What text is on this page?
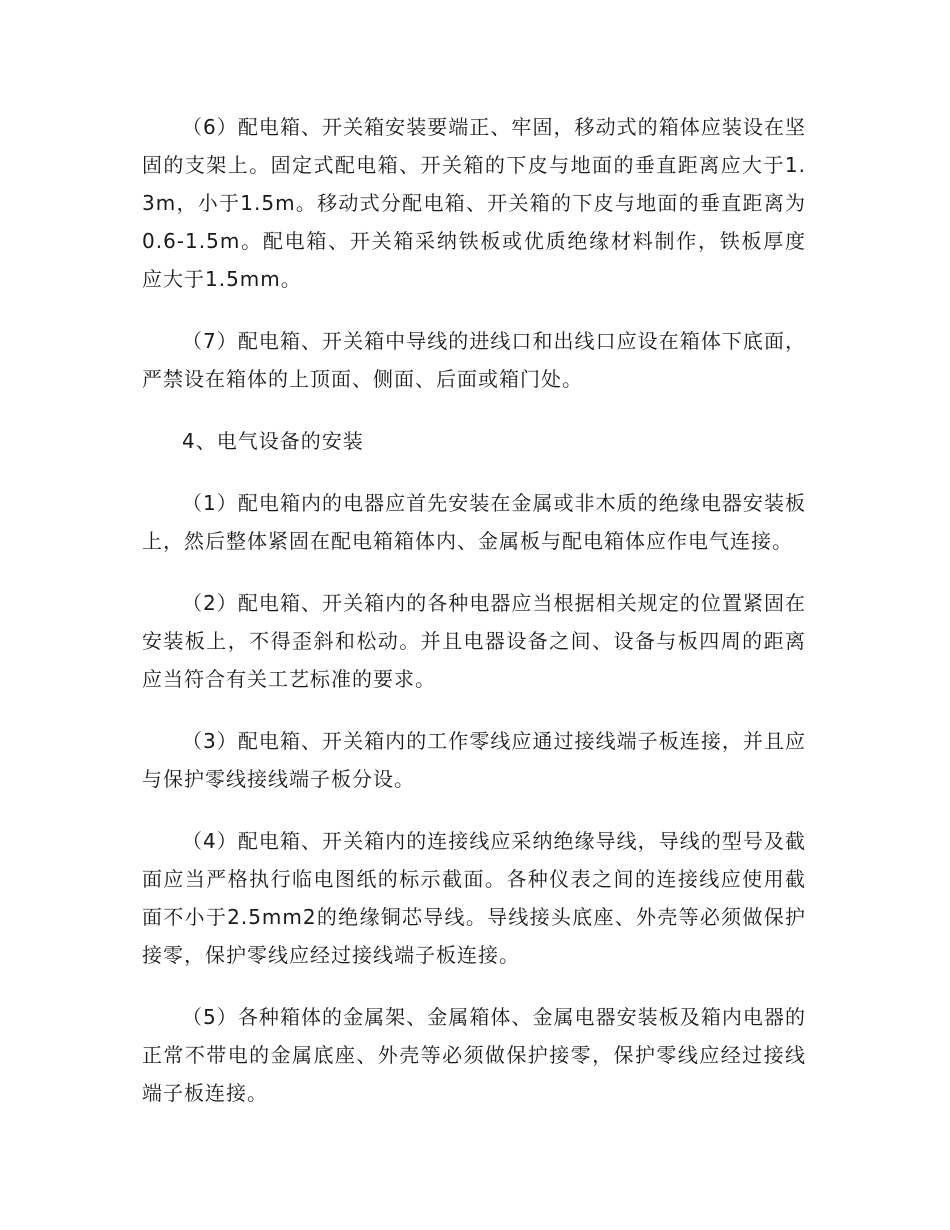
（6）配电箱、开关箱安装要端正、牢固，移动式的箱体应装设在坚固的支架上。固定式配电箱、开关箱的下皮与地面的垂直距离应大于1.3m，小于1.5m。移动式分配电箱、开关箱的下皮与地面的垂直距离为0.6-1.5m。配电箱、开关箱采纳铁板或优质绝缘材料制作，铁板厚度应大于1.5mm。

（7）配电箱、开关箱中导线的进线口和出线口应设在箱体下底面，严禁设在箱体的上顶面、侧面、后面或箱门处。

4、电气设备的安装

（1）配电箱内的电器应首先安装在金属或非木质的绝缘电器安装板上，然后整体紧固在配电箱箱体内、金属板与配电箱体应作电气连接。

（2）配电箱、开关箱内的各种电器应当根据相关规定的位置紧固在安装板上，不得歪斜和松动。并且电器设备之间、设备与板四周的距离应当符合有关工艺标准的要求。

（3）配电箱、开关箱内的工作零线应通过接线端子板连接，并且应与保护零线接线端子板分设。

（4）配电箱、开关箱内的连接线应采纳绝缘导线，导线的型号及截面应当严格执行临电图纸的标示截面。各种仪表之间的连接线应使用截面不小于2.5mm2的绝缘铜芯导线。导线接头底座、外壳等必须做保护接零，保护零线应经过接线端子板连接。

（5）各种箱体的金属架、金属箱体、金属电器安装板及箱内电器的正常不带电的金属底座、外壳等必须做保护接零，保护零线应经过接线端子板连接。
